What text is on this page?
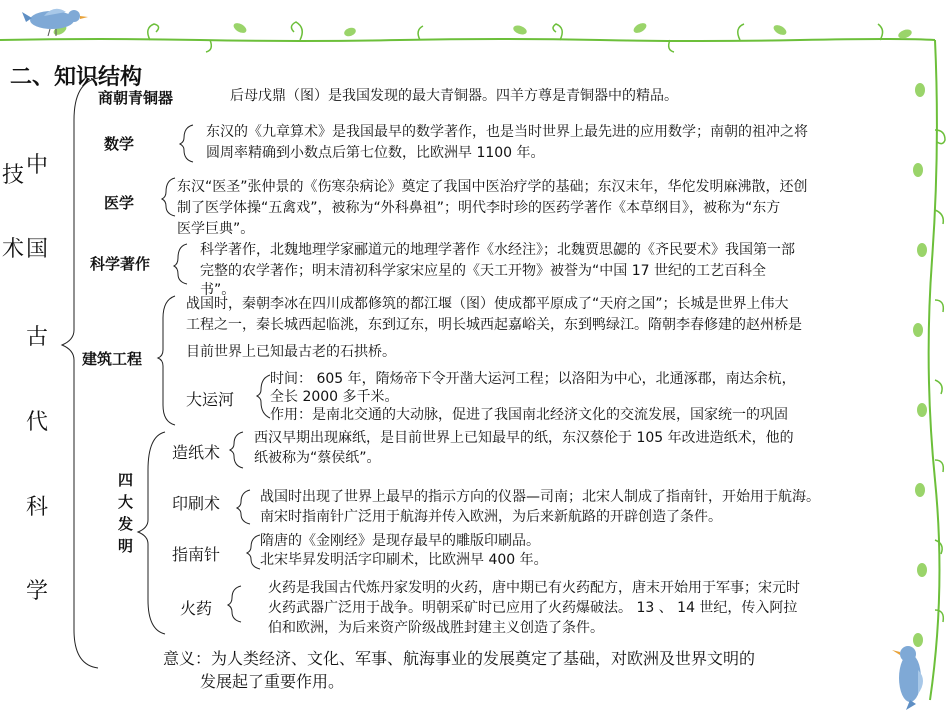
二、知识结构
技
术
中
国
古
代
科
学
商朝青铜器	后母戊鼎（图）是我国发现的最大青铜器。四羊方尊是青铜器中的精品。
数学
东汉的《九章算术》是我国最早的数学著作，也是当时世界上最先进的应用数学；南朝的祖冲之将
圆周率精确到小数点后第七位数，比欧洲早 1100 年。
医学
东汉“医圣”张仲景的《伤寒杂病论》奠定了我国中医治疗学的基础；东汉末年，华佗发明麻沸散，还创
制了医学体操“五禽戏”，被称为“外科鼻祖”；明代李时珍的医药学著作《本草纲目》，被称为“东方
医学巨典”。
科学著作
科学著作，北魏地理学家郦道元的地理学著作《水经注》；北魏贾思勰的《齐民要术》我国第一部
完整的农学著作；明末清初科学家宋应星的《天工开物》被誉为“中国 17 世纪的工艺百科全
书”。
建筑工程
战国时，秦朝李冰在四川成都修筑的都江堰（图）使成都平原成了“天府之国”；长城是世界上伟大
工程之一，秦长城西起临洮，东到辽东，明长城西起嘉峪关，东到鸭绿江。隋朝李春修建的赵州桥是
目前世界上已知最古老的石拱桥。
大运河
时间： 605 年，隋炀帝下令开凿大运河工程；以洛阳为中心，北通涿郡，南达余杭，
全长 2000 多千米。
作用：是南北交通的大动脉，促进了我国南北经济文化的交流发展，国家统一的巩固
四
大
发
明
造纸术
西汉早期出现麻纸，是目前世界上已知最早的纸，东汉蔡伦于 105 年改进造纸术，他的
纸被称为“蔡侯纸”。
印刷术	战国时出现了世界上最早的指示方向的仪器—司南；北宋人制成了指南针，开始用于航海。
南宋时指南针广泛用于航海并传入欧洲，为后来新航路的开辟创造了条件。
指南针
隋唐的《金刚经》是现存最早的雕版印刷品。
北宋毕昇发明活字印刷术，比欧洲早 400 年。
火药
火药是我国古代炼丹家发明的火药，唐中期已有火药配方，唐末开始用于军事；宋元时
火药武器广泛用于战争。明朝采矿时已应用了火药爆破法。 13 、 14 世纪，传入阿拉
伯和欧洲，为后来资产阶级战胜封建主义创造了条件。
意义：为人类经济、文化、军事、航海事业的发展奠定了基础，对欧洲及世界文明的
发展起了重要作用。
